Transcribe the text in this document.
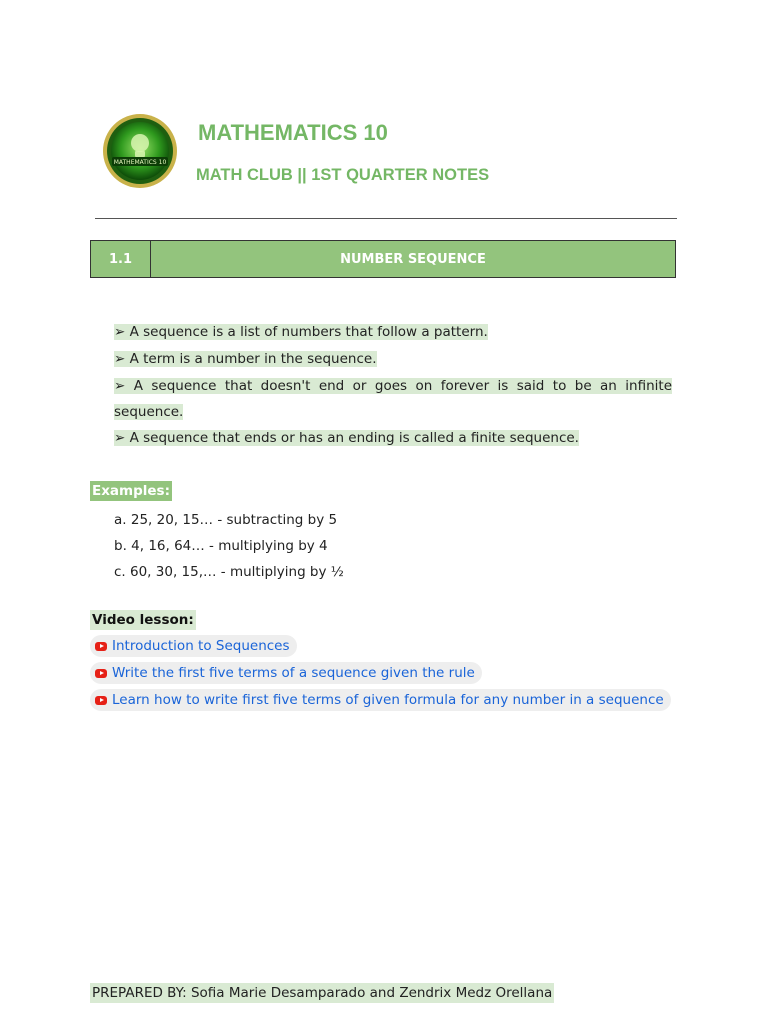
MATHEMATICS 10
MATHEMATICS 10
MATH CLUB || 1ST QUARTER NOTES
1.1	NUMBER SEQUENCE

➢ A sequence is a list of numbers that follow a pattern.

➢ A term is a number in the sequence.

➢ A sequence that doesn't end or goes on forever is said to be an infinite sequence.

➢ A sequence that ends or has an ending is called a finite sequence.

Examples:

a. 25, 20, 15… - subtracting by 5

b. 4, 16, 64… - multiplying by 4

c. 60, 30, 15,… - multiplying by ½

Video lesson:
Introduction to Sequences
Write the first five terms of a sequence given the rule
Learn how to write first five terms of given formula for any number in a sequence
PREPARED BY: Sofia Marie Desamparado and Zendrix Medz Orellana
